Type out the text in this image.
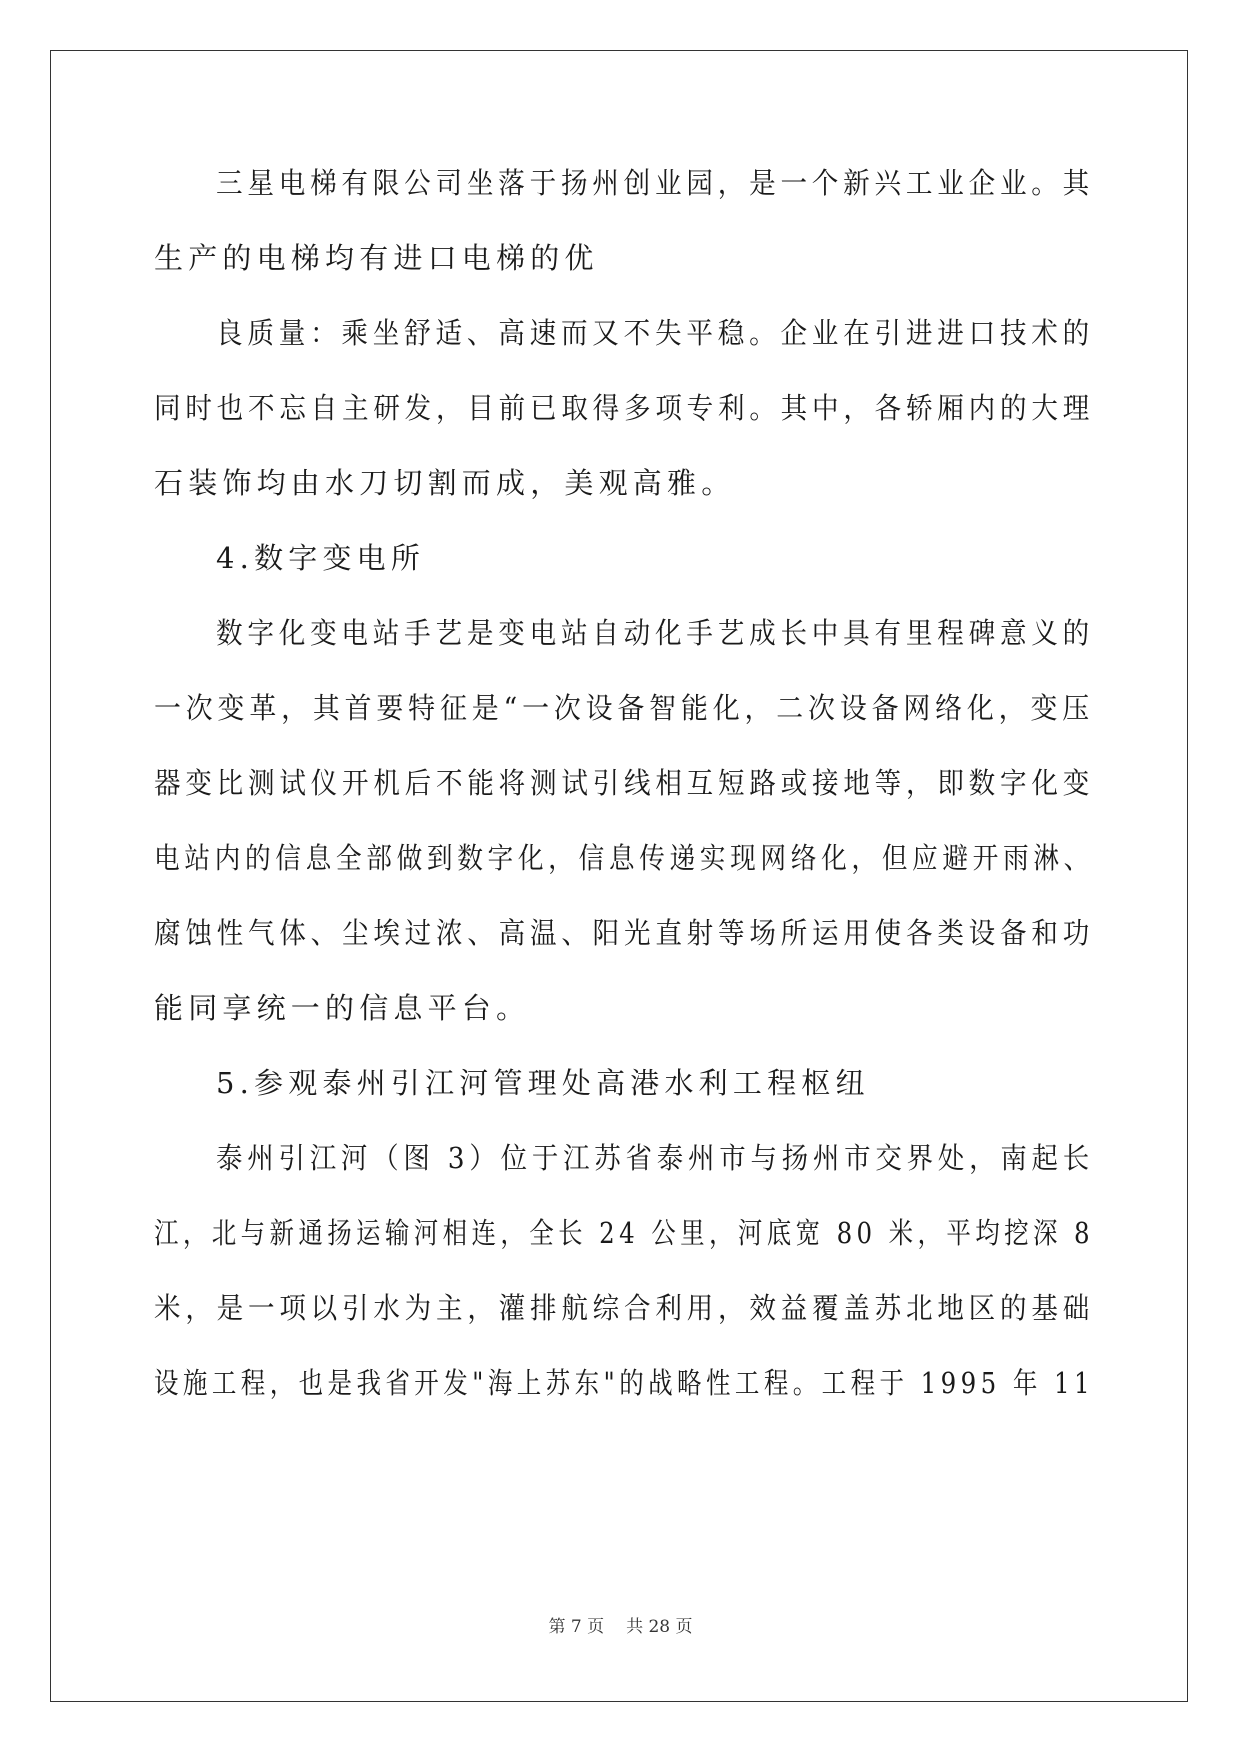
三星电梯有限公司坐落于扬州创业园，是一个新兴工业企业。其
生产的电梯均有进口电梯的优
良质量：乘坐舒适、高速而又不失平稳。企业在引进进口技术的
同时也不忘自主研发，目前已取得多项专利。其中，各轿厢内的大理
石装饰均由水刀切割而成，美观高雅。
4.数字变电所
数字化变电站手艺是变电站自动化手艺成长中具有里程碑意义的
一次变革，其首要特征是“一次设备智能化，二次设备网络化，变压
器变比测试仪开机后不能将测试引线相互短路或接地等，即数字化变
电站内的信息全部做到数字化，信息传递实现网络化，但应避开雨淋、
腐蚀性气体、尘埃过浓、高温、阳光直射等场所运用使各类设备和功
能同享统一的信息平台。
5.参观泰州引江河管理处高港水利工程枢纽
泰州引江河（图 3）位于江苏省泰州市与扬州市交界处，南起长
江，北与新通扬运输河相连，全长 24 公里，河底宽 80 米，平均挖深 8
米，是一项以引水为主，灌排航综合利用，效益覆盖苏北地区的基础
设施工程，也是我省开发"海上苏东"的战略性工程。工程于 1995 年 11
第 7 页 共 28 页
